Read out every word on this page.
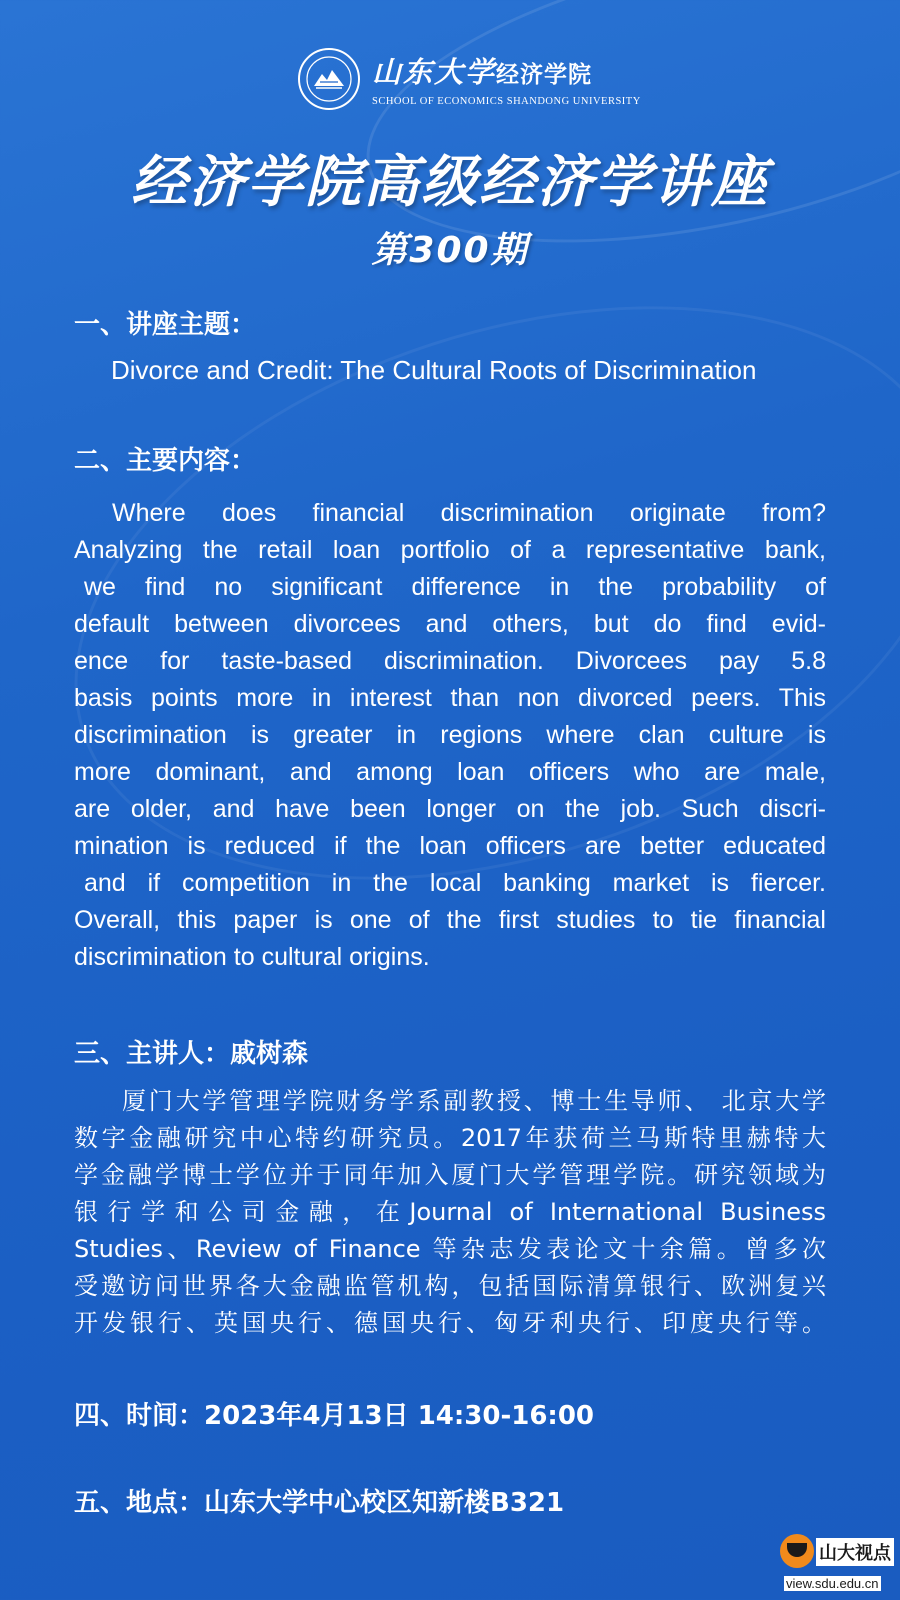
山东大学经济学院
SCHOOL OF ECONOMICS SHANDONG UNIVERSITY
经济学院高级经济学讲座
第300期
一、讲座主题：
Divorce and Credit: The Cultural Roots of Discrimination
二、主要内容：
Where does financial discrimination originate from?
Analyzing the retail loan portfolio of a representative bank,
we find no significant difference in the probability of
default between divorcees and others, but do find evid-
ence for taste-based discrimination. Divorcees pay 5.8
basis points more in interest than non divorced peers. This
discrimination is greater in regions where clan culture is
more dominant, and among loan officers who are male,
are older, and have been longer on the job. Such discri-
mination is reduced if the loan officers are better educated
and if competition in the local banking market is fiercer.
Overall, this paper is one of the first studies to tie financial
discrimination to cultural origins.
三、主讲人：戚树森
厦门大学管理学院财务学系副教授、博士生导师、 北京大学
数字金融研究中心特约研究员。2017年获荷兰马斯特里赫特大
学金融学博士学位并于同年加入厦门大学管理学院。研究领域为
银行学和公司金融，在Journal of International Business
Studies、Review of Finance 等杂志发表论文十余篇。曾多次
受邀访问世界各大金融监管机构，包括国际清算银行、欧洲复兴
开发银行、英国央行、德国央行、匈牙利央行、印度央行等。
四、时间：2023年4月13日 14:30-16:00
五、地点：山东大学中心校区知新楼B321
山大视点
view.sdu.edu.cn
